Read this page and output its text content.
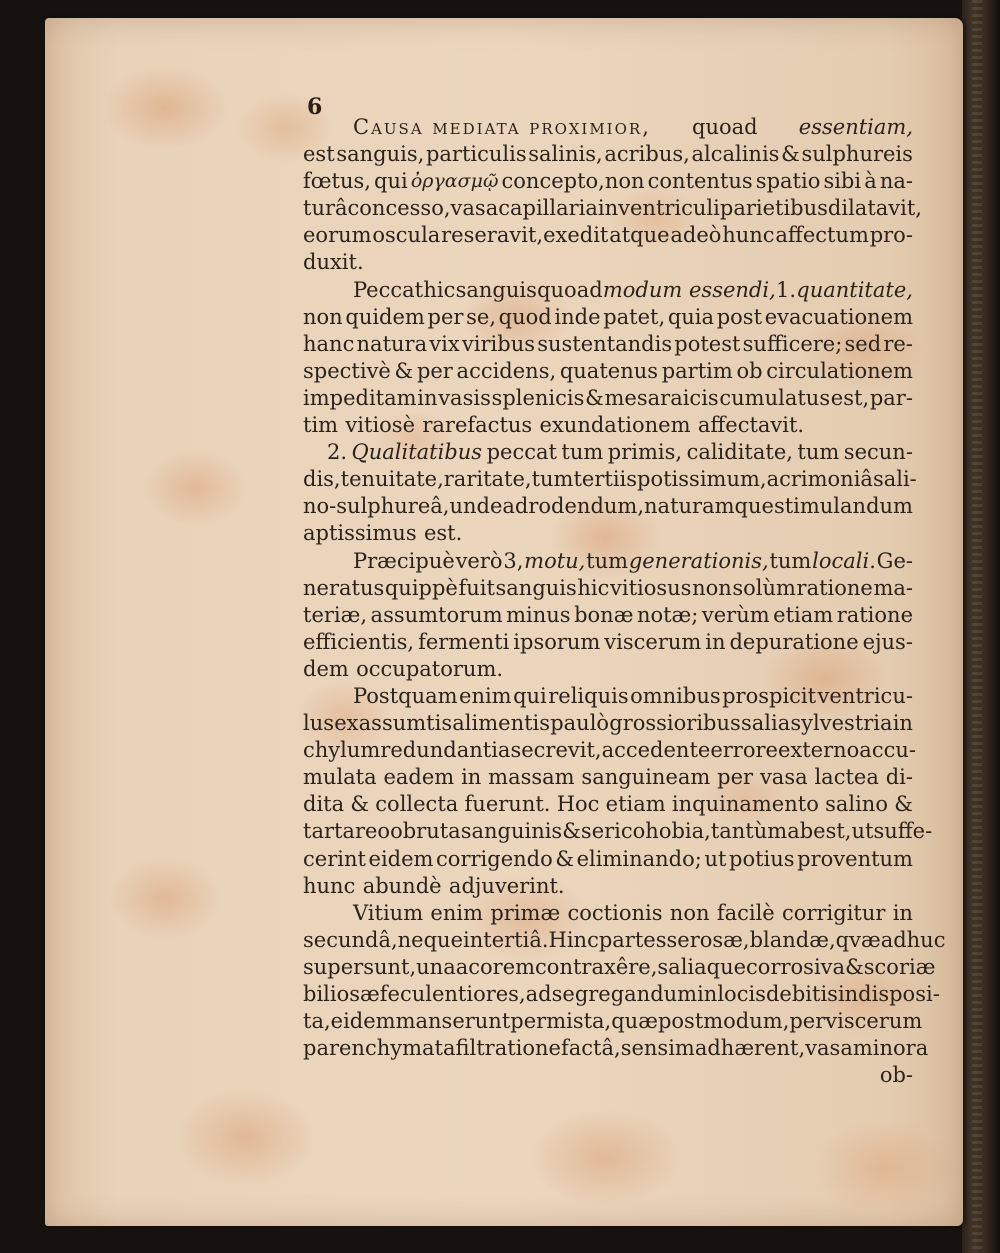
6
Causa mediata proximior, quoad essentiam,
est sanguis, particulis salinis, acribus, alcalinis & sulphureis
fœtus, qui ὀργασμῷ concepto,non contentus spatio sibi à na-
turâ concesso, vasa capillaria in ventriculi parietibus dilatavit,
eorum oscula reseravit,exedit atque adeò hunc affectum pro-
duxit.
Peccat hic sanguis quoad modum essendi, 1. quantitate,
non quidem per se, quod inde patet, quia post evacuationem
hanc natura vix viribus sustentandis potest sufficere; sed re-
spectivè & per accidens, quatenus partim ob circulationem
impeditam in vasis splenicis & mesaraicis cumulatus est, par-
tim vitiosè rarefactus exundationem affectavit.
2. Qualitatibus peccat tum primis, caliditate, tum secun-
dis, tenuitate, raritate,tum tertiis potissimum, acrimoniâ sali-
no-sulphureâ, unde ad rodendum, naturamque stimulandum
aptissimus est.
Præcipuè verò 3, motu, tum generationis, tum locali. Ge-
neratus quippè fuit sanguis hic vitiosus non solùm ratione ma-
teriæ, assumtorum minus bonæ notæ; verùm etiam ratione
efficientis, fermenti ipsorum viscerum in depuratione ejus-
dem occupatorum.
Postquam enim qui reliquis omnibus prospicit ventricu-
lus ex assumtis alimentis paulò grossioribus salia sylvestria in
chylum redundantia secrevit, accedente errore externo accu-
mulata eadem in massam sanguineam per vasa lactea di-
dita & collecta fuerunt. Hoc etiam inquinamento salino &
tartareo obruta sanguinis & seri cohobia,tantùm abest,ut suffe-
cerint eidem corrigendo & eliminando; ut potius proventum
hunc abundè adjuverint.
Vitium enim primæ coctionis non facilè corrigitur in
secundâ,neque in tertiâ.Hinc partes serosæ,blandæ,qvæ adhuc
supersunt, una acorem contraxêre, saliaque corrosiva & scoriæ
biliosæ feculentiores,ad segregandum in locis debitis indisposi-
ta, eidem manserunt permista, quæ postmodum,per viscerum
parenchymata filtratione factâ, sensim adhærent, vasa minora
ob-
